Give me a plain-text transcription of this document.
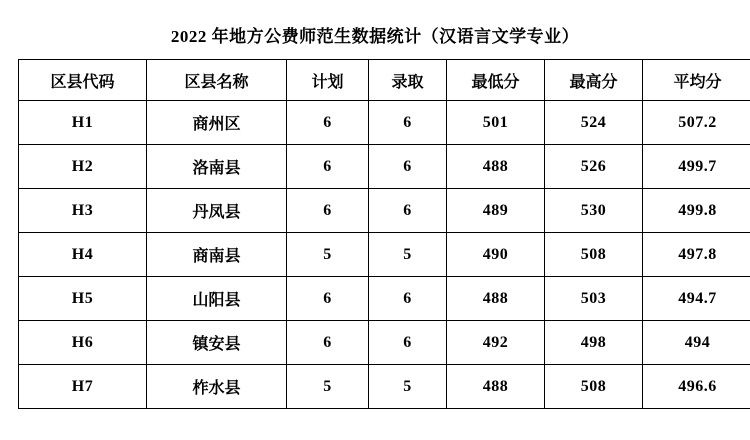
2022 年地方公费师范生数据统计（汉语言文学专业）
区县代码	区县名称	计划	录取	最低分	最高分	平均分
H1	商州区	6	6	501	524	507.2
H2	洛南县	6	6	488	526	499.7
H3	丹凤县	6	6	489	530	499.8
H4	商南县	5	5	490	508	497.8
H5	山阳县	6	6	488	503	494.7
H6	镇安县	6	6	492	498	494
H7	柞水县	5	5	488	508	496.6
